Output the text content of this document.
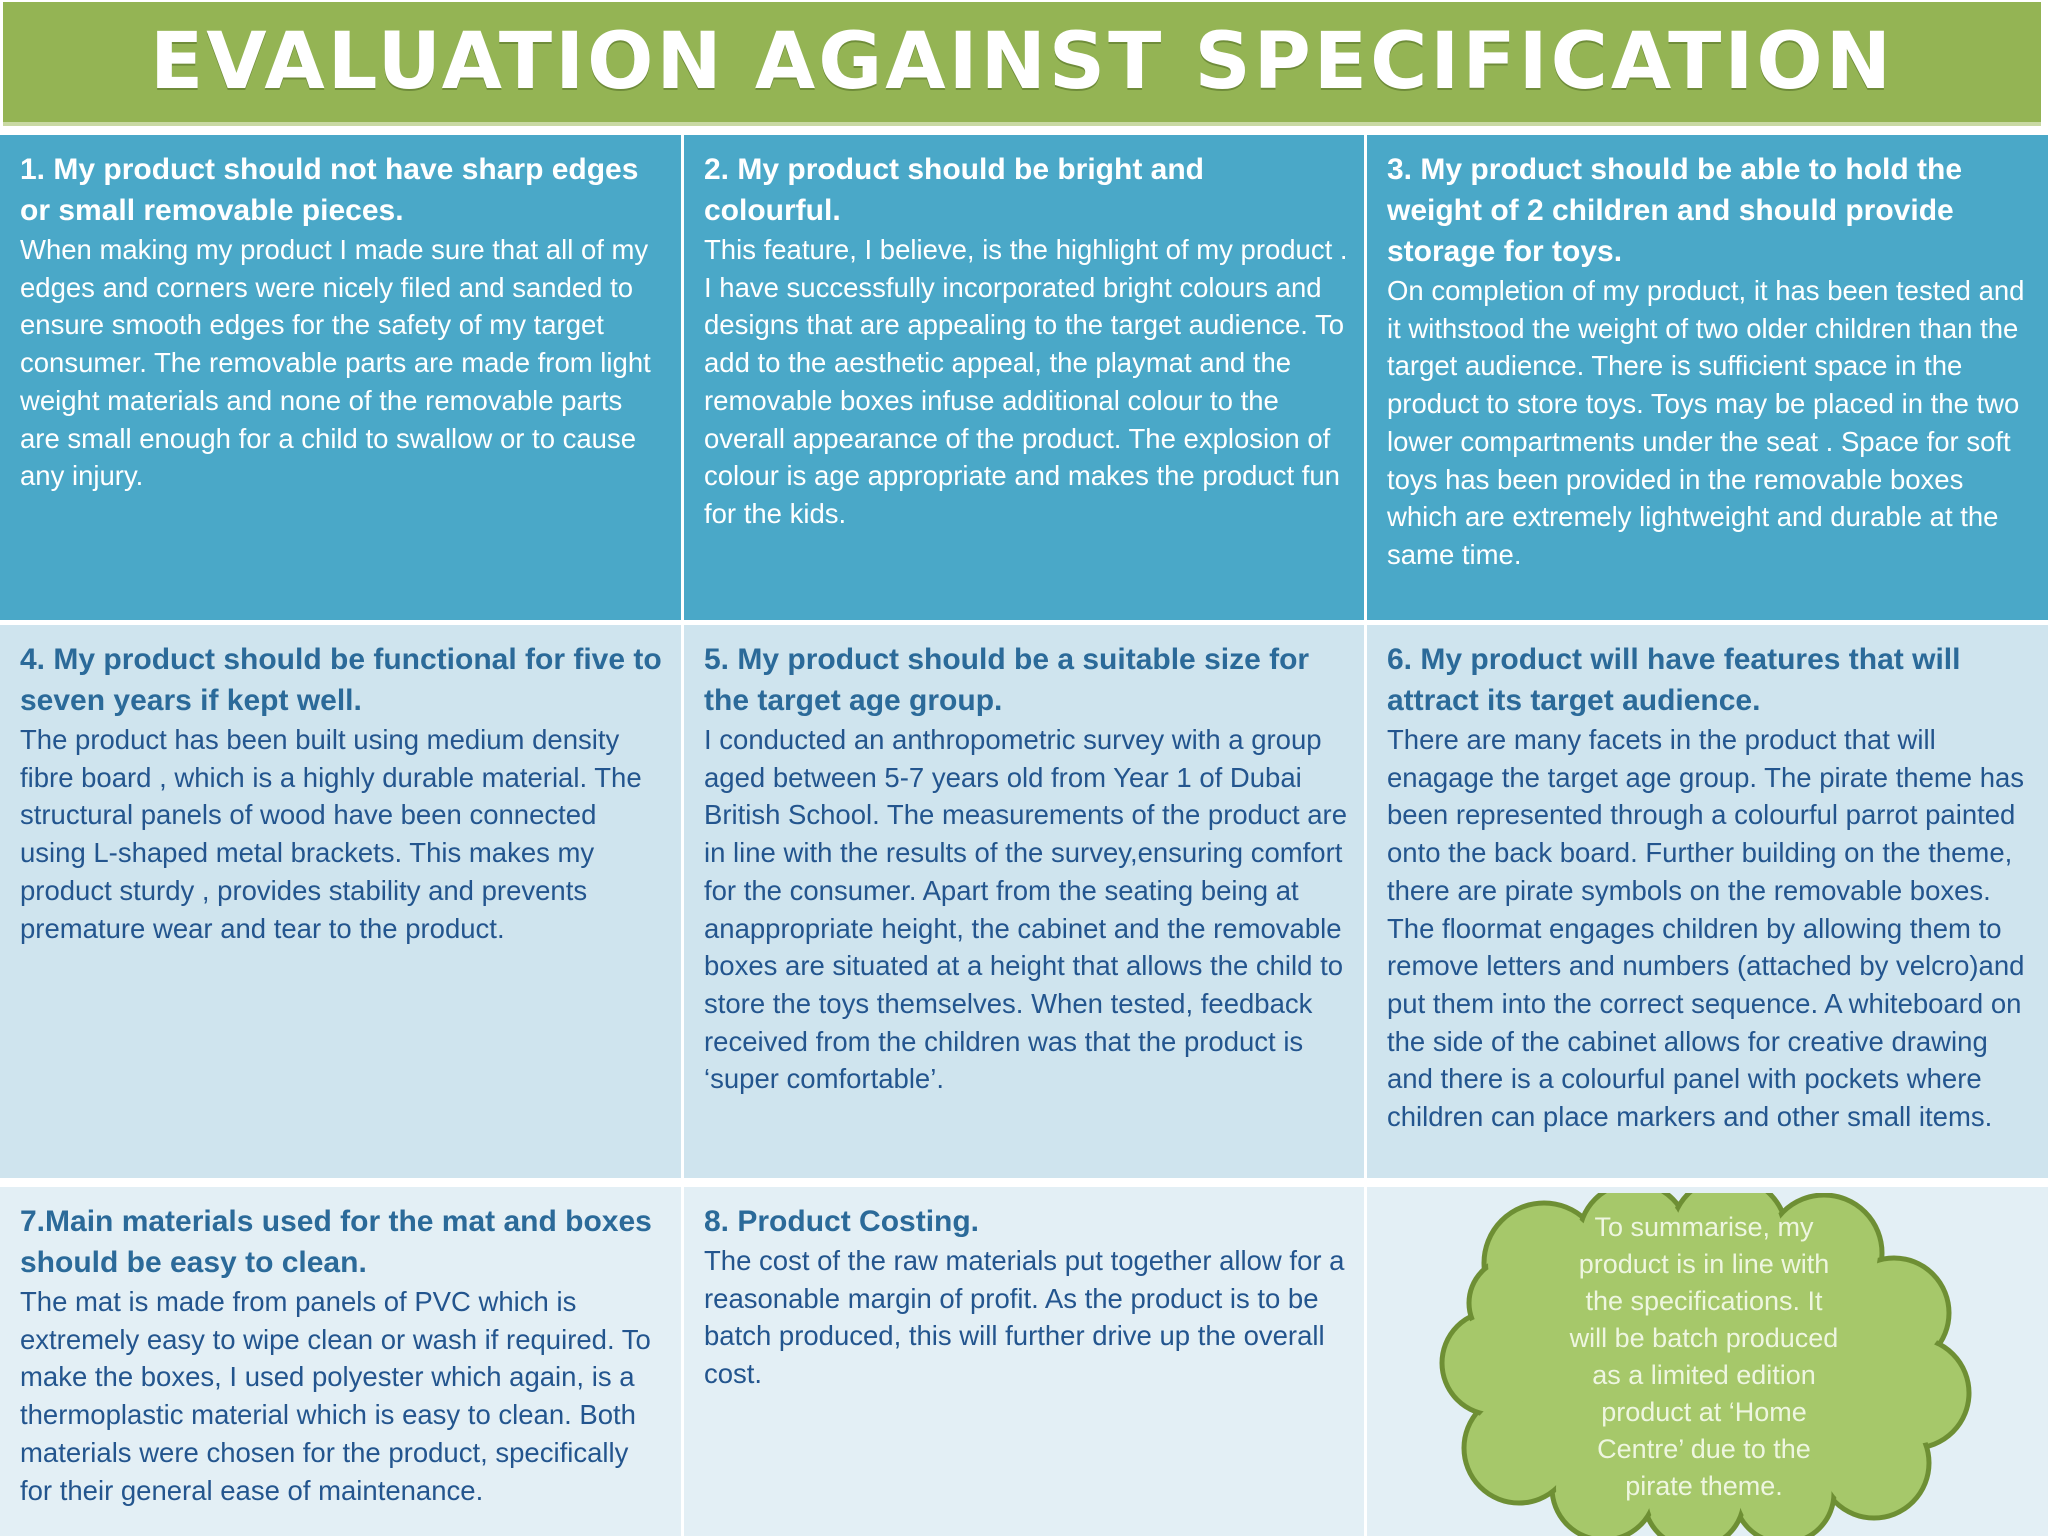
EVALUATION AGAINST SPECIFICATION
1. My product should not have sharp edges or small removable pieces.

When making my product I made sure that all of my edges and corners were nicely filed and sanded to ensure smooth edges for the safety of my target consumer. The removable parts are made from light weight materials and none of the removable parts are small enough for a child to swallow or to cause any injury.

2. My product should be bright and colourful.

This feature, I believe, is the highlight of my product . I have successfully incorporated bright colours and designs that are appealing to the target audience. To add to the aesthetic appeal, the playmat and the removable boxes infuse additional colour to the overall appearance of the product. The explosion of colour is age appropriate and makes the product fun for the kids.

3. My product should be able to hold the weight of 2 children and should provide storage for toys.

On completion of my product, it has been tested and it withstood the weight of two older children than the target audience. There is sufficient space in the product to store toys. Toys may be placed in the two lower compartments under the seat . Space for soft toys has been provided in the removable boxes which are extremely lightweight and durable at the same time.

4. My product should be functional for five to seven years if kept well.

The product has been built using medium density fibre board , which is a highly durable material. The structural panels of wood have been connected using L-shaped metal brackets. This makes my product sturdy , provides stability and prevents premature wear and tear to the product.

5. My product should be a suitable size for the target age group.

I conducted an anthropometric survey with a group aged between 5-7 years old from Year 1 of Dubai British School. The measurements of the product are in line with the results of the survey,ensuring comfort for the consumer. Apart from the seating being at anappropriate height, the cabinet and the removable boxes are situated at a height that allows the child to store the toys themselves. When tested, feedback received from the children was that the product is ‘super comfortable’.

6. My product will have features that will attract its target audience.

There are many facets in the product that will enagage the target age group. The pirate theme has been represented through a colourful parrot painted onto the back board. Further building on the theme, there are pirate symbols on the removable boxes. The floormat engages children by allowing them to remove letters and numbers (attached by velcro)and put them into the correct sequence. A whiteboard on the side of the cabinet allows for creative drawing and there is a colourful panel with pockets where children can place markers and other small items.

7.Main materials used for the mat and boxes should be easy to clean.

The mat is made from panels of PVC which is extremely easy to wipe clean or wash if required. To make the boxes, I used polyester which again, is a thermoplastic material which is easy to clean. Both materials were chosen for the product, specifically for their general ease of maintenance.

8. Product Costing.

The cost of the raw materials put together allow for a reasonable margin of profit. As the product is to be batch produced, this will further drive up the overall cost.

To summarise, my product is in line with the specifications. It will be batch produced as a limited edition product at ‘Home Centre’ due to the pirate theme.
